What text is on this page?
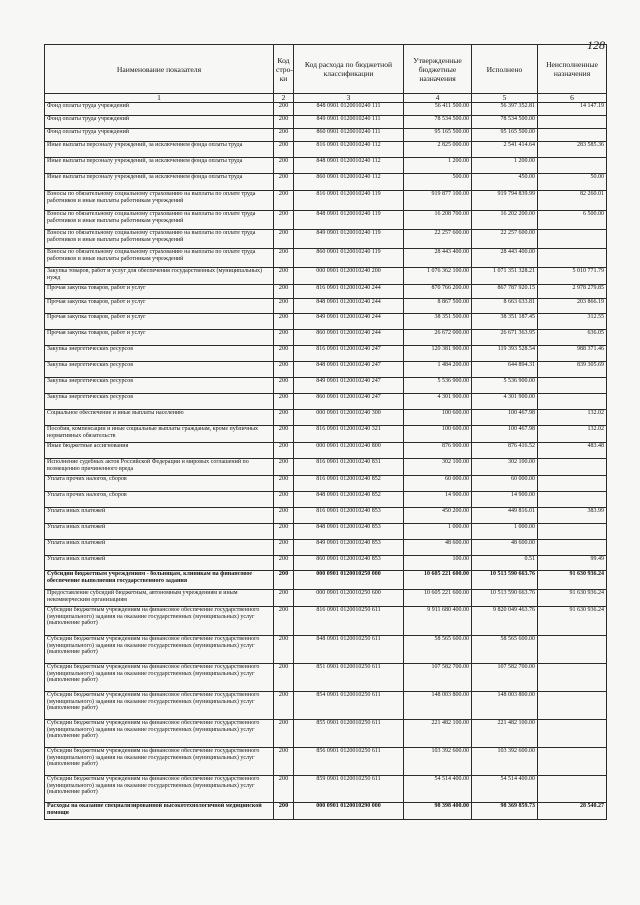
128
Наименование показателя	Код стро-ки	Код расхода по бюджетной классификации	Утвержденные бюджетные назначения	Исполнено	Неисполненные назначения
1	2	3	4	5	6
Фонд оплаты труда учреждений	200	848 0901 0120010240 111	56 411 500.00	56 397 352.81	14 147.19
Фонд оплаты труда учреждений	200	849 0901 0120010240 111	78 534 500.00	78 534 500.00	
Фонд оплаты труда учреждений	200	860 0901 0120010240 111	95 165 500.00	95 165 500.00	
Иные выплаты персоналу учреждений, за исключением фонда оплаты труда	200	816 0901 0120010240 112	2 825 000.00	2 541 414.64	283 585.36
Иные выплаты персоналу учреждений, за исключением фонда оплаты труда	200	848 0901 0120010240 112	1 200.00	1 200.00	
Иные выплаты персоналу учреждений, за исключением фонда оплаты труда	200	860 0901 0120010240 112	500.00	450.00	50.00
Взносы по обязательному социальному страхованию на выплаты по оплате труда работников и иные выплаты работникам учреждений	200	816 0901 0120010240 119	919 877 100.00	919 794 839.99	82 260.01
Взносы по обязательному социальному страхованию на выплаты по оплате труда работников и иные выплаты работникам учреждений	200	848 0901 0120010240 119	16 208 700.00	16 202 200.00	6 500.00
Взносы по обязательному социальному страхованию на выплаты по оплате труда работников и иные выплаты работникам учреждений	200	849 0901 0120010240 119	22 257 600.00	22 257 600.00	
Взносы по обязательному социальному страхованию на выплаты по оплате труда работников и иные выплаты работникам учреждений	200	860 0901 0120010240 119	28 443 400.00	28 443 400.00	
Закупка товаров, работ и услуг для обеспечения государственных (муниципальных) нужд	200	000 0901 0120010240 200	1 076 362 100.00	1 071 351 328.21	5 010 771.79
Прочая закупка товаров, работ и услуг	200	816 0901 0120010240 244	870 766 200.00	867 787 920.15	2 978 279.85
Прочая закупка товаров, работ и услуг	200	848 0901 0120010240 244	8 867 500.00	8 663 633.81	203 866.19
Прочая закупка товаров, работ и услуг	200	849 0901 0120010240 244	38 351 500.00	38 351 187.45	312.55
Прочая закупка товаров, работ и услуг	200	860 0901 0120010240 244	26 672 000.00	26 671 363.95	636.05
Закупка энергетических ресурсов	200	816 0901 0120010240 247	120 381 900.00	119 393 528.54	988 371.46
Закупка энергетических ресурсов	200	848 0901 0120010240 247	1 484 200.00	644 894.31	839 305.69
Закупка энергетических ресурсов	200	849 0901 0120010240 247	5 536 900.00	5 536 900.00	
Закупка энергетических ресурсов	200	860 0901 0120010240 247	4 301 900.00	4 301 900.00	
Социальное обеспечение и иные выплаты населению	200	000 0901 0120010240 300	100 600.00	100 467.98	132.02
Пособия, компенсации и иные социальные выплаты гражданам, кроме публичных нормативных обязательств	200	816 0901 0120010240 321	100 600.00	100 467.98	132.02
Иные бюджетные ассигнования	200	000 0901 0120010240 800	876 900.00	876 416.52	483.48
Исполнение судебных актов Российской Федерации и мировых соглашений по возмещению причиненного вреда	200	816 0901 0120010240 831	302 100.00	302 100.00	
Уплата прочих налогов, сборов	200	816 0901 0120010240 852	60 000.00	60 000.00	
Уплата прочих налогов, сборов	200	848 0901 0120010240 852	14 900.00	14 900.00	
Уплата иных платежей	200	816 0901 0120010240 853	450 200.00	449 816.01	383.99
Уплата иных платежей	200	848 0901 0120010240 853	1 000.00	1 000.00	
Уплата иных платежей	200	849 0901 0120010240 853	48 600.00	48 600.00	
Уплата иных платежей	200	860 0901 0120010240 853	100.00	0.51	99.49
Субсидии бюджетным учреждениям - больницам, клиникам на финансовое обеспечение выполнения государственного задания	200	000 0901 0120010250 000	10 605 221 600.00	10 513 590 663.76	91 630 936.24
Предоставление субсидий бюджетным, автономным учреждениям и иным некоммерческим организациям	200	000 0901 0120010250 600	10 605 221 600.00	10 513 590 663.76	91 630 936.24
Субсидии бюджетным учреждениям на финансовое обеспечение государственного (муниципального) задания на оказание государственных (муниципальных) услуг (выполнение работ)	200	816 0901 0120010250 611	9 911 680 400.00	9 820 049 463.76	91 630 936.24
Субсидии бюджетным учреждениям на финансовое обеспечение государственного (муниципального) задания на оказание государственных (муниципальных) услуг (выполнение работ)	200	848 0901 0120010250 611	58 565 600.00	58 565 600.00	
Субсидии бюджетным учреждениям на финансовое обеспечение государственного (муниципального) задания на оказание государственных (муниципальных) услуг (выполнение работ)	200	851 0901 0120010250 611	107 582 700.00	107 582 700.00	
Субсидии бюджетным учреждениям на финансовое обеспечение государственного (муниципального) задания на оказание государственных (муниципальных) услуг (выполнение работ)	200	854 0901 0120010250 611	148 003 800.00	148 003 800.00	
Субсидии бюджетным учреждениям на финансовое обеспечение государственного (муниципального) задания на оказание государственных (муниципальных) услуг (выполнение работ)	200	855 0901 0120010250 611	221 482 100.00	221 482 100.00	
Субсидии бюджетным учреждениям на финансовое обеспечение государственного (муниципального) задания на оказание государственных (муниципальных) услуг (выполнение работ)	200	856 0901 0120010250 611	103 392 600.00	103 392 600.00	
Субсидии бюджетным учреждениям на финансовое обеспечение государственного (муниципального) задания на оказание государственных (муниципальных) услуг (выполнение работ)	200	859 0901 0120010250 611	54 514 400.00	54 514 400.00	
Расходы на оказание специализированной высокотехнологичной медицинской помощи	200	000 0901 0120010290 000	98 398 400.00	98 369 859.73	28 540.27
